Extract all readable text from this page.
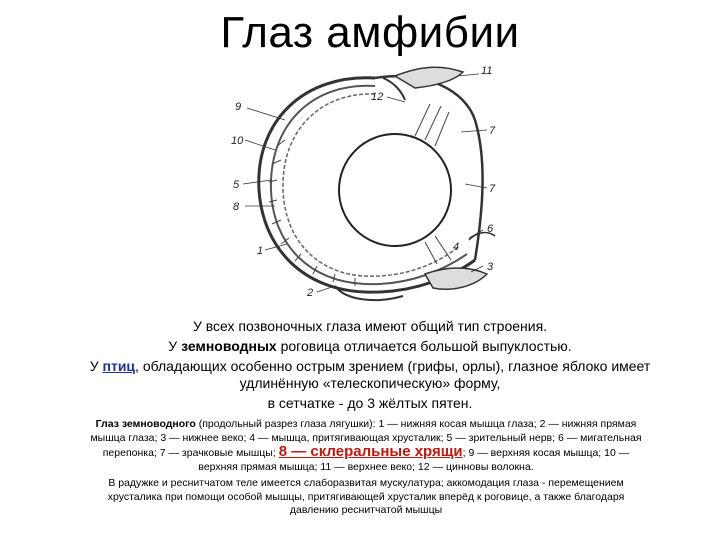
Глаз амфибии
9
10
5
8
1
2
7
7
11
12
6
3
4

У всех позвоночных глаза имеют общий тип строения.

У земноводных роговица отличается большой выпуклостью.

У птиц, обладающих особенно острым зрением (грифы, орлы), глазное яблоко имеет удлинённую «телескопическую» форму,

в сетчатке - до 3 жёлтых пятен.

Глаз земноводного (продольный разрез глаза лягушки): 1 — нижняя косая мышца глаза; 2 — нижняя прямая мышца глаза; 3 — нижнее веко; 4 — мышца, притягивающая хрусталик; 5 — зрительный нерв; 6 — мигательная перепонка; 7 — зрачковые мышцы; 8 — склеральные хрящи; 9 — верхняя косая мышца; 10 — верхняя прямая мышца; 11 — верхнее веко; 12 — цинновы волокна.

В радужке и реснитчатом теле имеется слаборазвитая мускулатура; аккомодация глаза - перемещением хрусталика при помощи особой мышцы, притягивающей хрусталик вперёд к роговице, а также благодаря давлению реснитчатой мышцы
